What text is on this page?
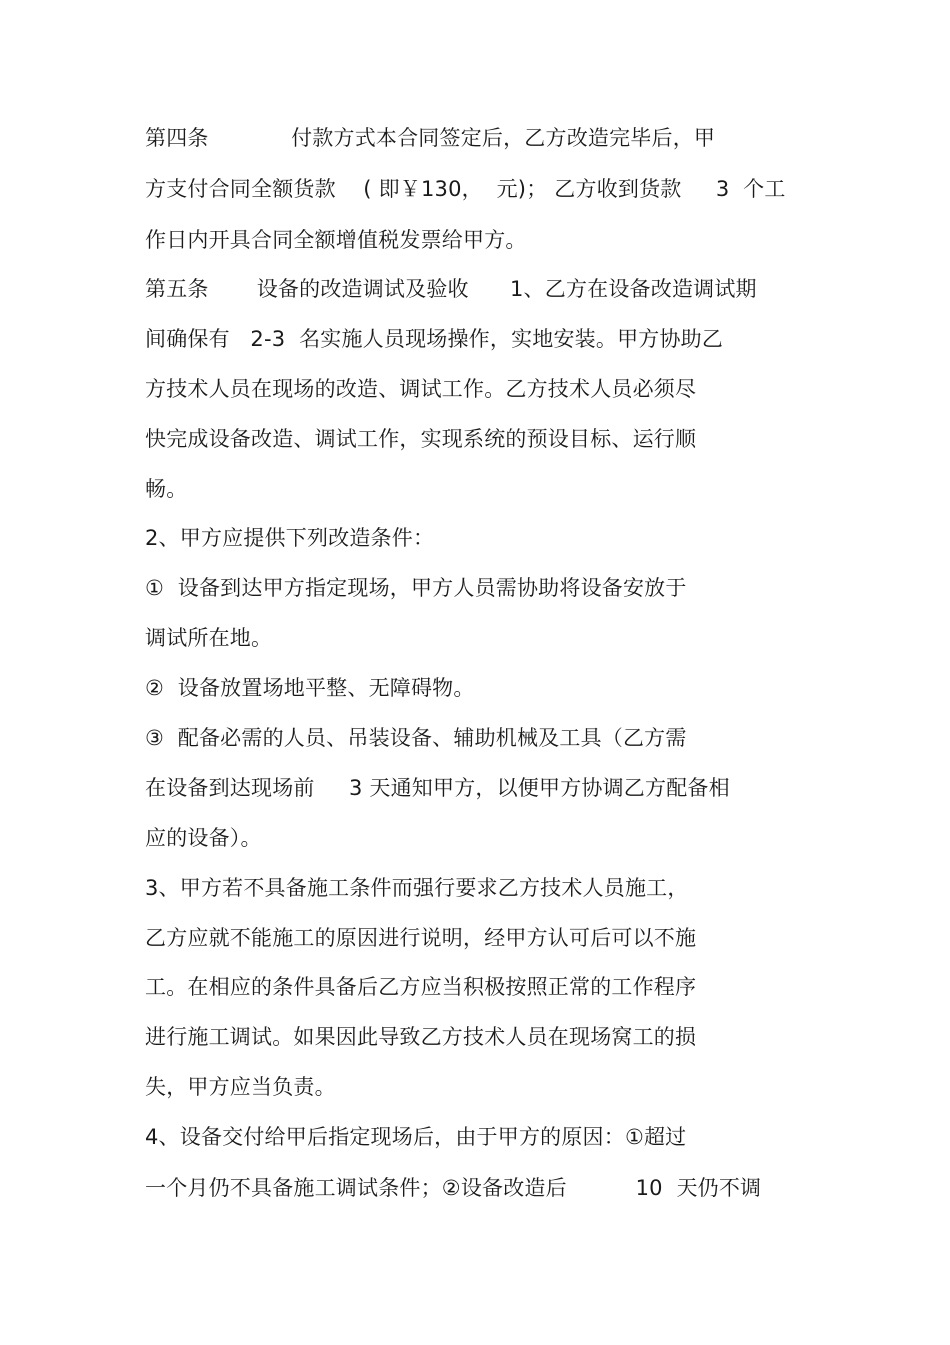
第四条            付款方式本合同签定后，乙方改造完毕后，甲
方支付合同全额货款    ( 即￥130，  元)； 乙方收到货款     3  个工
作日内开具合同全额增值税发票给甲方。
第五条       设备的改造调试及验收      1、乙方在设备改造调试期
间确保有   2-3  名实施人员现场操作，实地安装。甲方协助乙
方技术人员在现场的改造、调试工作。乙方技术人员必须尽
快完成设备改造、调试工作，实现系统的预设目标、运行顺
畅。
2、甲方应提供下列改造条件：
①  设备到达甲方指定现场，甲方人员需协助将设备安放于
调试所在地。
②  设备放置场地平整、无障碍物。
③  配备必需的人员、吊装设备、辅助机械及工具（乙方需
在设备到达现场前     3 天通知甲方，以便甲方协调乙方配备相
应的设备）。
3、甲方若不具备施工条件而强行要求乙方技术人员施工，
乙方应就不能施工的原因进行说明，经甲方认可后可以不施
工。在相应的条件具备后乙方应当积极按照正常的工作程序
进行施工调试。如果因此导致乙方技术人员在现场窝工的损
失，甲方应当负责。
4、设备交付给甲后指定现场后，由于甲方的原因：①超过
一个月仍不具备施工调试条件；②设备改造后          10  天仍不调
